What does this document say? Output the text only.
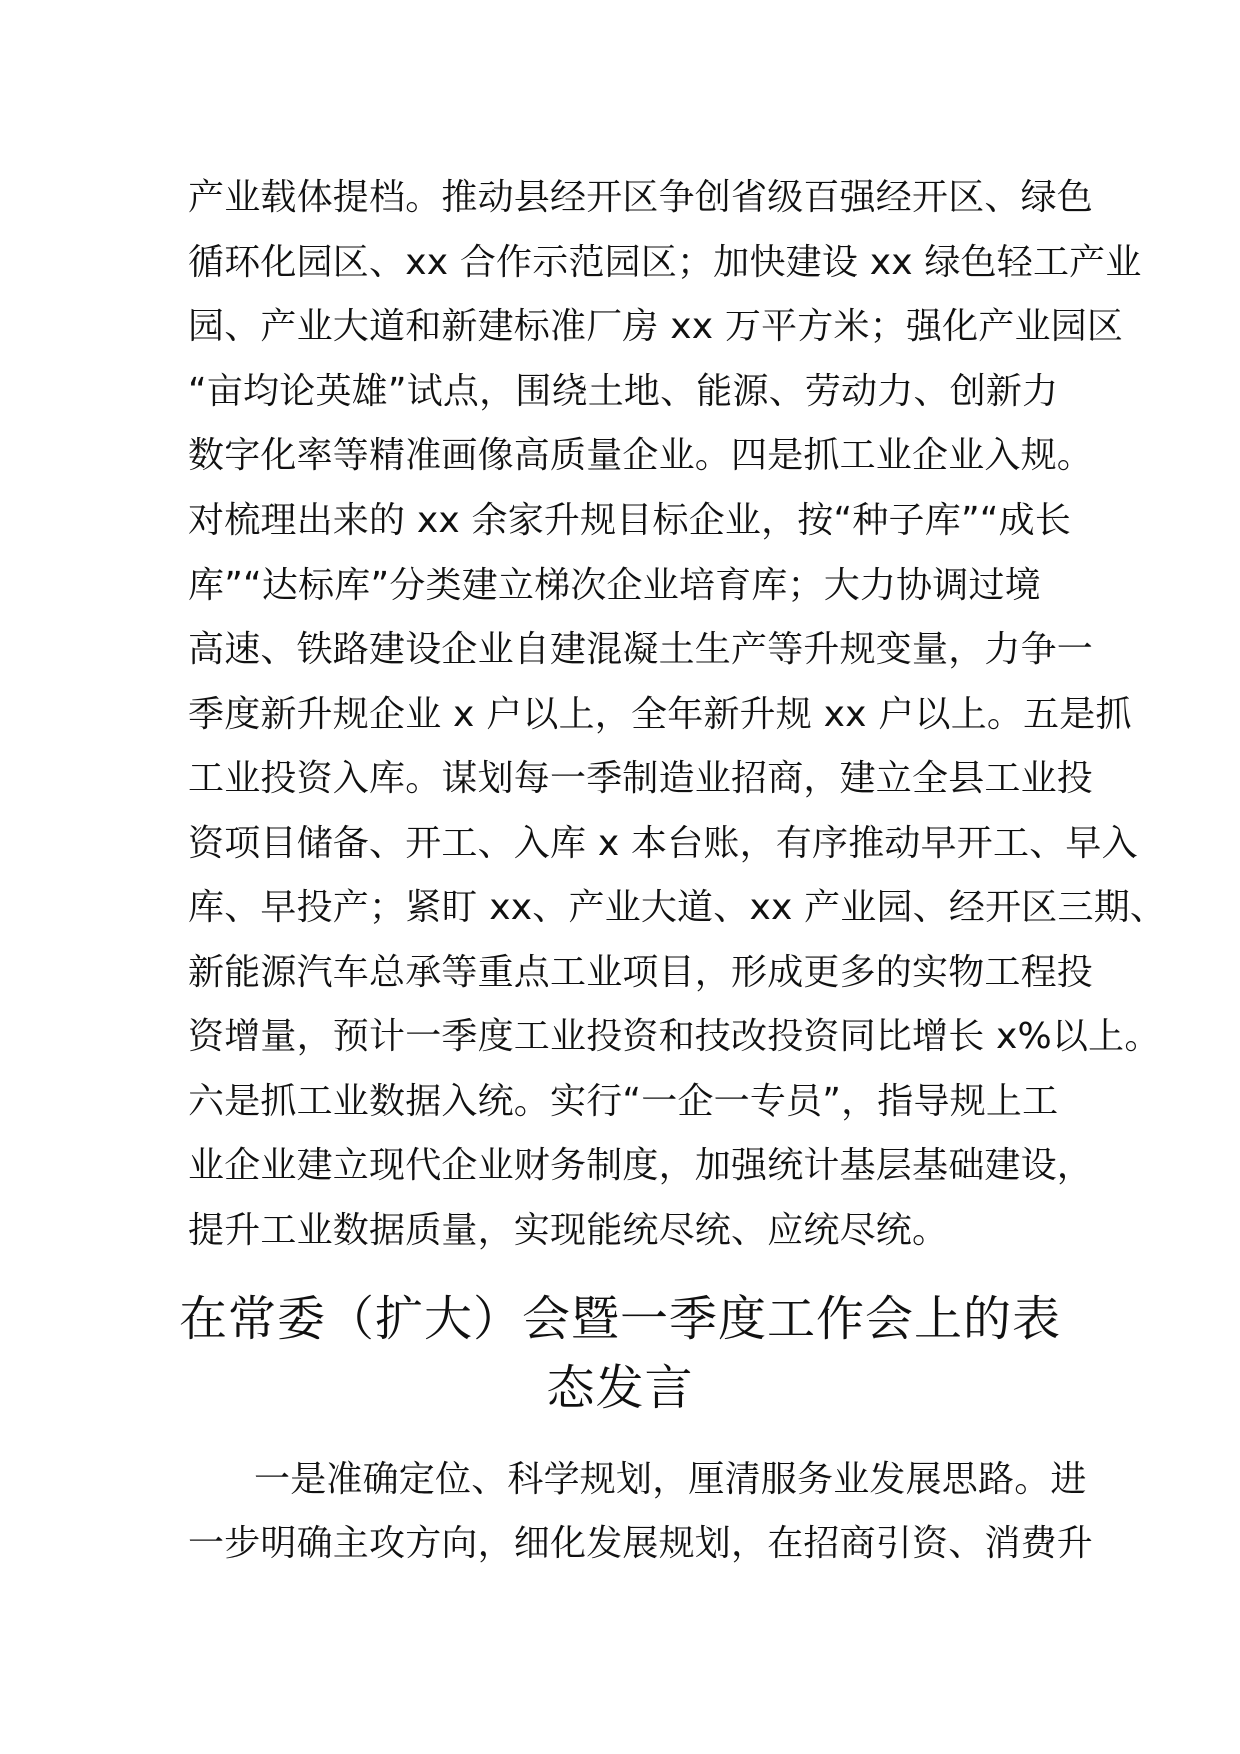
产业载体提档。推动县经开区争创省级百强经开区、绿色
循环化园区、xx 合作示范园区；加快建设 xx 绿色轻工产业
园、产业大道和新建标准厂房 xx 万平方米；强化产业园区
“亩均论英雄”试点，围绕土地、能源、劳动力、创新力
数字化率等精准画像高质量企业。四是抓工业企业入规。
对梳理出来的 xx 余家升规目标企业，按“种子库”“成长
库”“达标库”分类建立梯次企业培育库；大力协调过境
高速、铁路建设企业自建混凝土生产等升规变量，力争一
季度新升规企业 x 户以上，全年新升规 xx 户以上。五是抓
工业投资入库。谋划每一季制造业招商，建立全县工业投
资项目储备、开工、入库 x 本台账，有序推动早开工、早入
库、早投产；紧盯 xx、产业大道、xx 产业园、经开区三期、
新能源汽车总承等重点工业项目，形成更多的实物工程投
资增量，预计一季度工业投资和技改投资同比增长 x%以上。
六是抓工业数据入统。实行“一企一专员”，指导规上工
业企业建立现代企业财务制度，加强统计基层基础建设，
提升工业数据质量，实现能统尽统、应统尽统。
在常委（扩大）会暨一季度工作会上的表
态发言
一是准确定位、科学规划，厘清服务业发展思路。进
一步明确主攻方向，细化发展规划，在招商引资、消费升
